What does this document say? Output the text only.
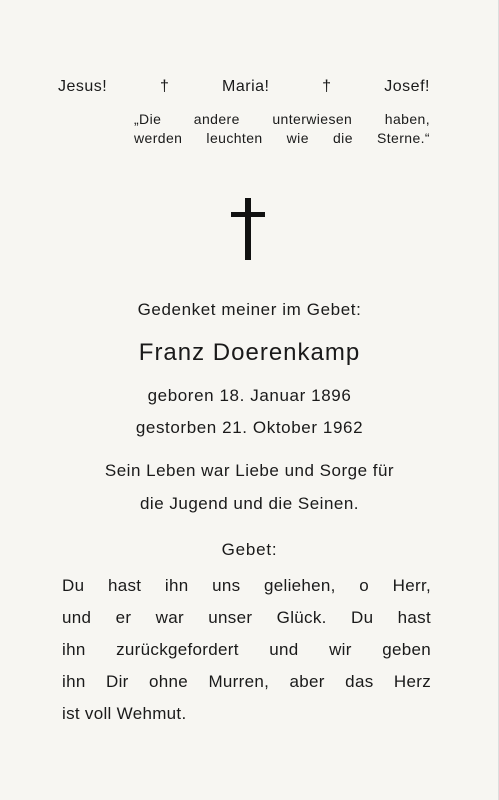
Jesus!	†	Maria!	†	Josef!
„Die andere unterwiesen haben,
werden leuchten wie die Sterne.“
Gedenket meiner im Gebet:
Franz Doerenkamp
geboren 18. Januar 1896
gestorben 21. Oktober 1962
Sein Leben war Liebe und Sorge für
die Jugend und die Seinen.
Gebet:
Du hast ihn uns geliehen, o Herr,
und er war unser Glück. Du hast
ihn zurückgefordert und wir geben
ihn Dir ohne Murren, aber das Herz
ist voll Wehmut.
